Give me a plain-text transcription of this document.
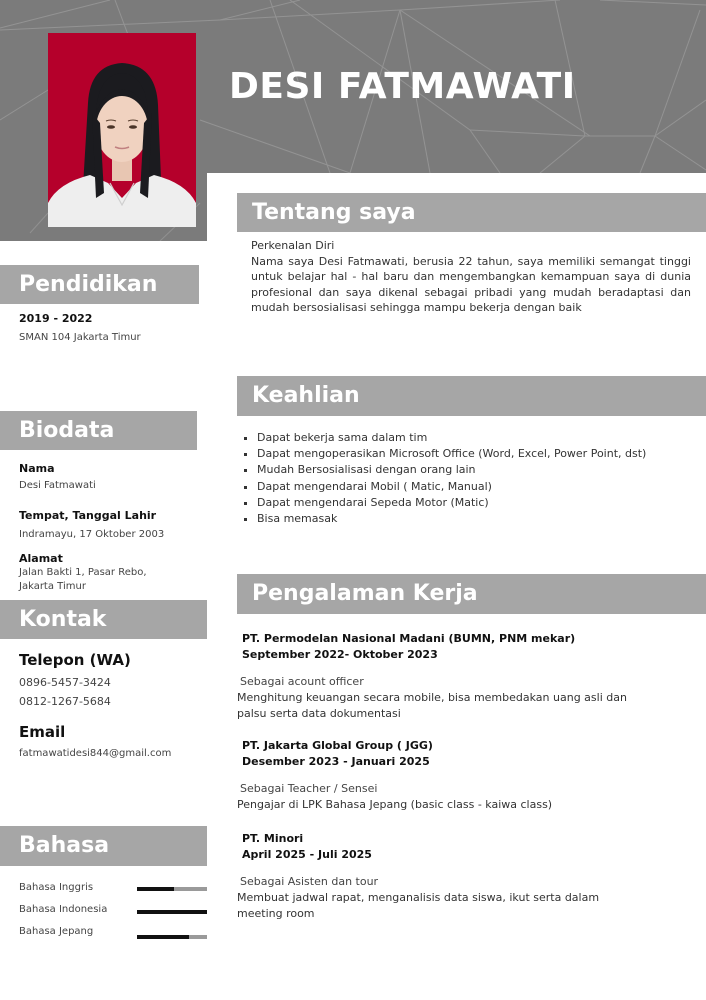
DESI FATMAWATI
Pendidikan
2019 - 2022
SMAN 104 Jakarta Timur
Biodata
Nama
Desi Fatmawati
Tempat, Tanggal Lahir
Indramayu, 17 Oktober 2003
Alamat
Jalan Bakti 1, Pasar Rebo,
Jakarta Timur
Kontak
Telepon (WA)
0896-5457-3424
0812-1267-5684
Email
fatmawatidesi844@gmail.com
Bahasa
Bahasa Inggris
Bahasa Indonesia
Bahasa Jepang
Tentang saya
Perkenalan Diri
Nama saya Desi Fatmawati, berusia 22 tahun, saya memiliki semangat tinggi untuk belajar hal - hal baru dan mengembangkan kemampuan saya di dunia profesional dan saya dikenal sebagai pribadi yang mudah beradaptasi dan mudah bersosialisasi sehingga mampu bekerja dengan baik
Keahlian
Dapat bekerja sama dalam tim
Dapat mengoperasikan Microsoft Office (Word, Excel, Power Point, dst)
Mudah Bersosialisasi dengan orang lain
Dapat mengendarai Mobil ( Matic, Manual)
Dapat mengendarai Sepeda Motor (Matic)
Bisa memasak
Pengalaman Kerja
PT. Permodelan Nasional Madani (BUMN, PNM mekar)
September 2022- Oktober 2023
Sebagai acount officer
Menghitung keuangan secara mobile, bisa membedakan uang asli dan palsu serta data dokumentasi
PT. Jakarta Global Group ( JGG)
Desember 2023 - Januari 2025
Sebagai Teacher / Sensei
Pengajar di LPK Bahasa Jepang (basic class - kaiwa class)
PT. Minori
April 2025 - Juli 2025
Sebagai Asisten dan tour
Membuat jadwal rapat, menganalisis data siswa, ikut serta dalam meeting room
